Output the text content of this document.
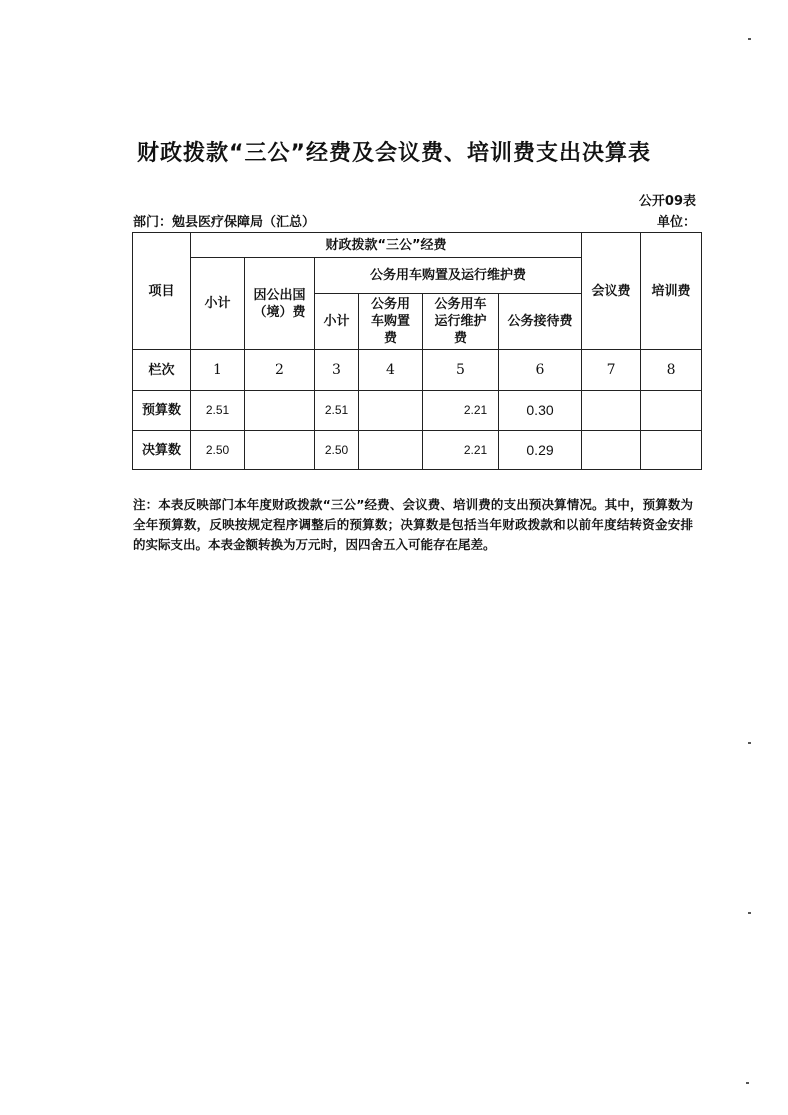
财政拨款“三公”经费及会议费、培训费支出决算表
公开09表
部门：勉县医疗保障局（汇总）	单位：
项目	财政拨款“三公”经费						会议费	培训费
	小计	因公出国（境）费	公务用车购置及运行维护费					
			小计	公务用车购置费	公务用车运行维护费	公务接待费		
栏次	1	2	3	4	5	6	7	8
预算数	2.51		2.51		2.21	0.30		
决算数	2.50		2.50		2.21	0.29		
注：本表反映部门本年度财政拨款“三公”经费、会议费、培训费的支出预决算情况。其中，预算数为全年预算数，反映按规定程序调整后的预算数；决算数是包括当年财政拨款和以前年度结转资金安排的实际支出。本表金额转换为万元时，因四舍五入可能存在尾差。
